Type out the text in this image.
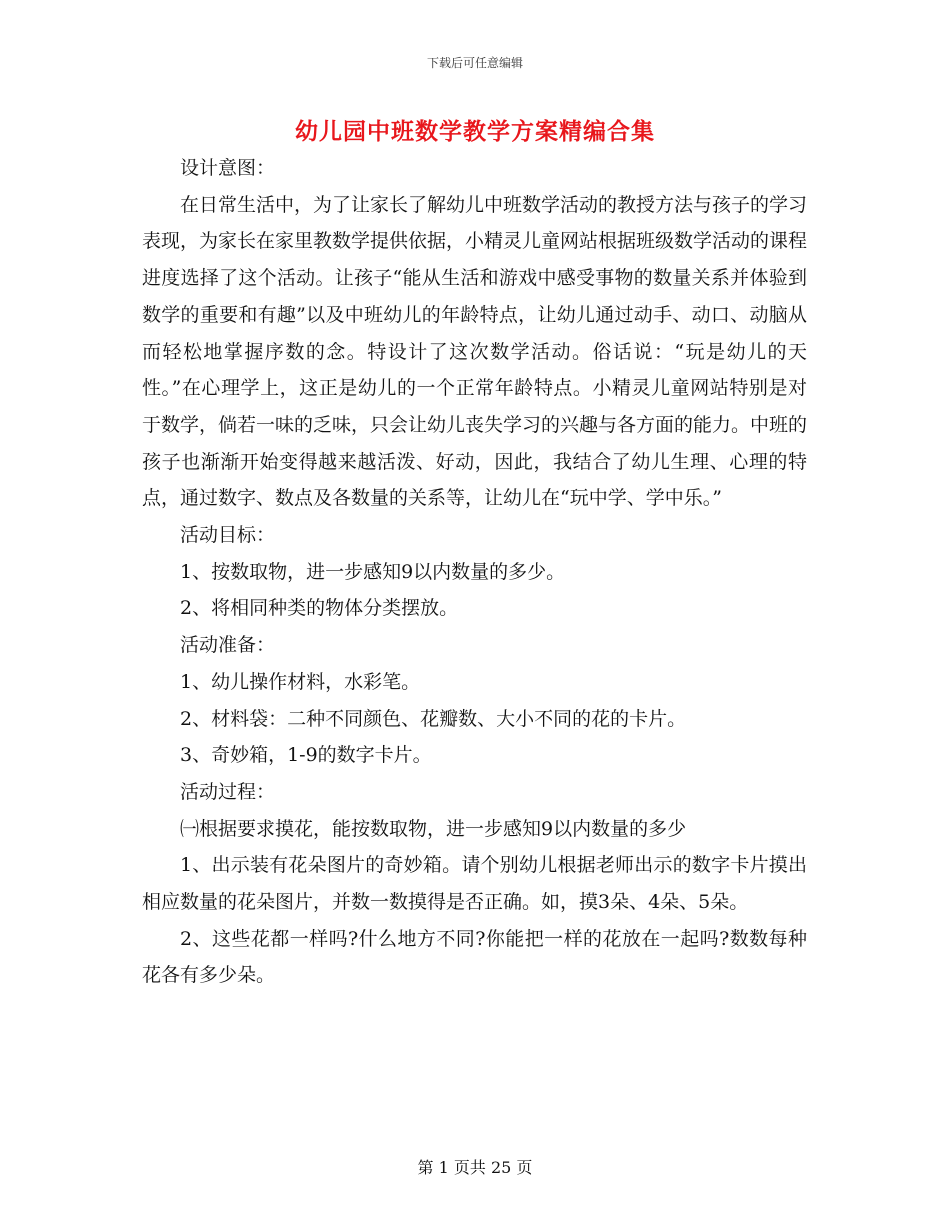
下载后可任意编辑
幼儿园中班数学教学方案精编合集

设计意图：

在日常生活中，为了让家长了解幼儿中班数学活动的教授方法与孩子的学习表现，为家长在家里教数学提供依据，小精灵儿童网站根据班级数学活动的课程进度选择了这个活动。让孩子“能从生活和游戏中感受事物的数量关系并体验到数学的重要和有趣”以及中班幼儿的年龄特点，让幼儿通过动手、动口、动脑从而轻松地掌握序数的念。特设计了这次数学活动。俗话说：“玩是幼儿的天性。”在心理学上，这正是幼儿的一个正常年龄特点。小精灵儿童网站特别是对于数学，倘若一味的乏味，只会让幼儿丧失学习的兴趣与各方面的能力。中班的孩子也渐渐开始变得越来越活泼、好动，因此，我结合了幼儿生理、心理的特点，通过数字、数点及各数量的关系等，让幼儿在“玩中学、学中乐。”

活动目标：

1、按数取物，进一步感知9以内数量的多少。

2、将相同种类的物体分类摆放。

活动准备：

1、幼儿操作材料，水彩笔。

2、材料袋：二种不同颜色、花瓣数、大小不同的花的卡片。

3、奇妙箱，1-9的数字卡片。

活动过程：

㈠根据要求摸花，能按数取物，进一步感知9以内数量的多少

1、出示装有花朵图片的奇妙箱。请个别幼儿根据老师出示的数字卡片摸出相应数量的花朵图片，并数一数摸得是否正确。如，摸3朵、4朵、5朵。

2、这些花都一样吗?什么地方不同?你能把一样的花放在一起吗?数数每种花各有多少朵。

第 1 页共 25 页
